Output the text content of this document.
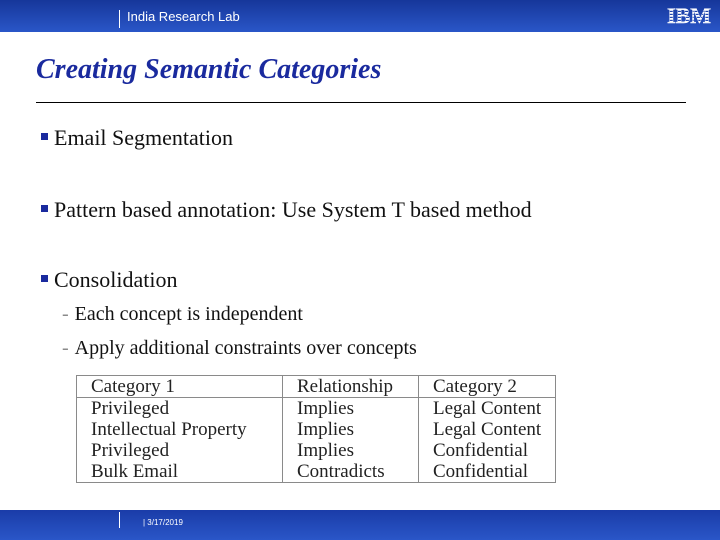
India Research Lab	IBM
Creating Semantic Categories
Email Segmentation
Pattern based annotation: Use System T based method
Consolidation
- Each concept is independent
- Apply additional constraints over concepts
Category 1	Relationship	Category 2
Privileged	Implies	Legal Content
Intellectual Property	Implies	Legal Content
Privileged	Implies	Confidential
Bulk Email	Contradicts	Confidential
| 3/17/2019
